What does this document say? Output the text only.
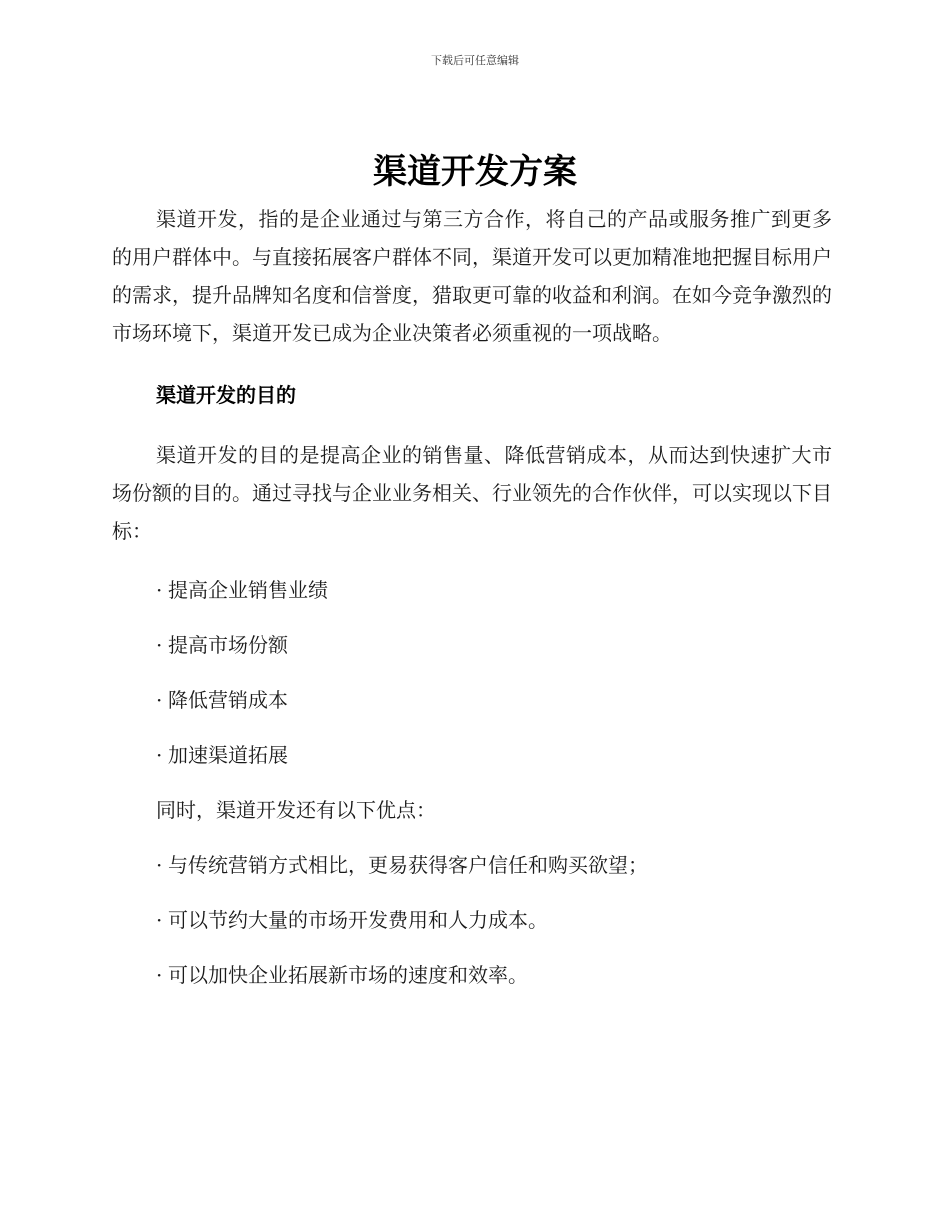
下载后可任意编辑
渠道开发方案

渠道开发，指的是企业通过与第三方合作，将自己的产品或服务推广到更多的用户群体中。与直接拓展客户群体不同，渠道开发可以更加精准地把握目标用户的需求，提升品牌知名度和信誉度，猎取更可靠的收益和利润。在如今竞争激烈的市场环境下，渠道开发已成为企业决策者必须重视的一项战略。

渠道开发的目的

渠道开发的目的是提高企业的销售量、降低营销成本，从而达到快速扩大市场份额的目的。通过寻找与企业业务相关、行业领先的合作伙伴，可以实现以下目标：

· 提高企业销售业绩
· 提高市场份额
· 降低营销成本
· 加速渠道拓展
同时，渠道开发还有以下优点：
· 与传统营销方式相比，更易获得客户信任和购买欲望；
· 可以节约大量的市场开发费用和人力成本。
· 可以加快企业拓展新市场的速度和效率。
